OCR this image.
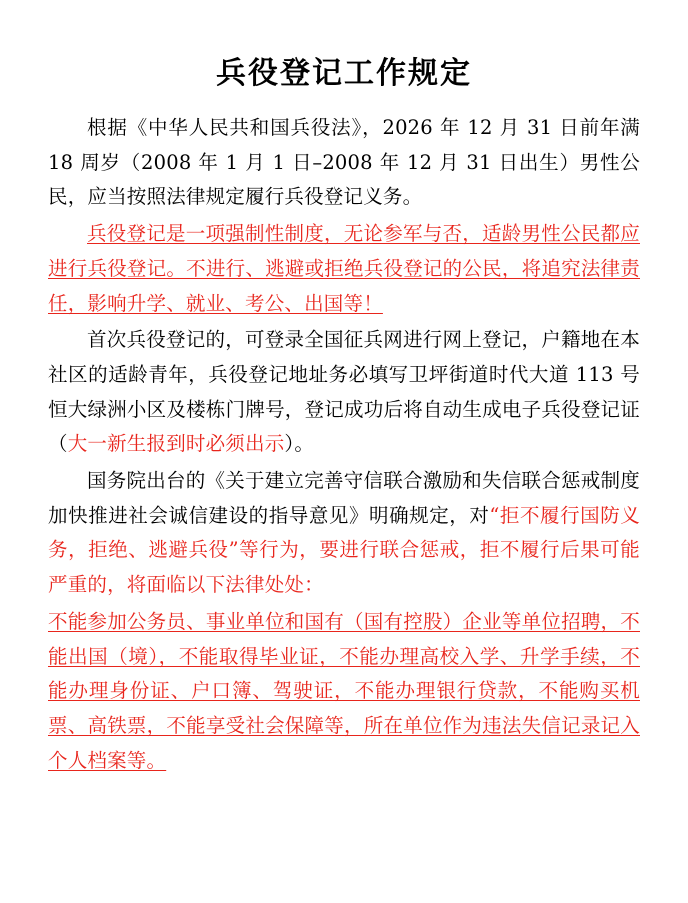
兵役登记工作规定

根据《中华人民共和国兵役法》，2026 年 12 月 31 日前年满 18 周岁（2008 年 1 月 1 日–2008 年 12 月 31 日出生）男性公民，应当按照法律规定履行兵役登记义务。

兵役登记是一项强制性制度，无论参军与否，适龄男性公民都应进行兵役登记。不进行、逃避或拒绝兵役登记的公民，将追究法律责任，影响升学、就业、考公、出国等！

首次兵役登记的，可登录全国征兵网进行网上登记，户籍地在本社区的适龄青年，兵役登记地址务必填写卫坪街道时代大道 113 号恒大绿洲小区及楼栋门牌号，登记成功后将自动生成电子兵役登记证（大一新生报到时必须出示）。

国务院出台的《关于建立完善守信联合激励和失信联合惩戒制度加快推进社会诚信建设的指导意见》明确规定，对“拒不履行国防义务，拒绝、逃避兵役”等行为，要进行联合惩戒，拒不履行后果可能严重的，将面临以下法律处处：

不能参加公务员、事业单位和国有（国有控股）企业等单位招聘，不能出国（境），不能取得毕业证，不能办理高校入学、升学手续，不能办理身份证、户口簿、驾驶证，不能办理银行贷款，不能购买机票、高铁票，不能享受社会保障等，所在单位作为违法失信记录记入个人档案等。
